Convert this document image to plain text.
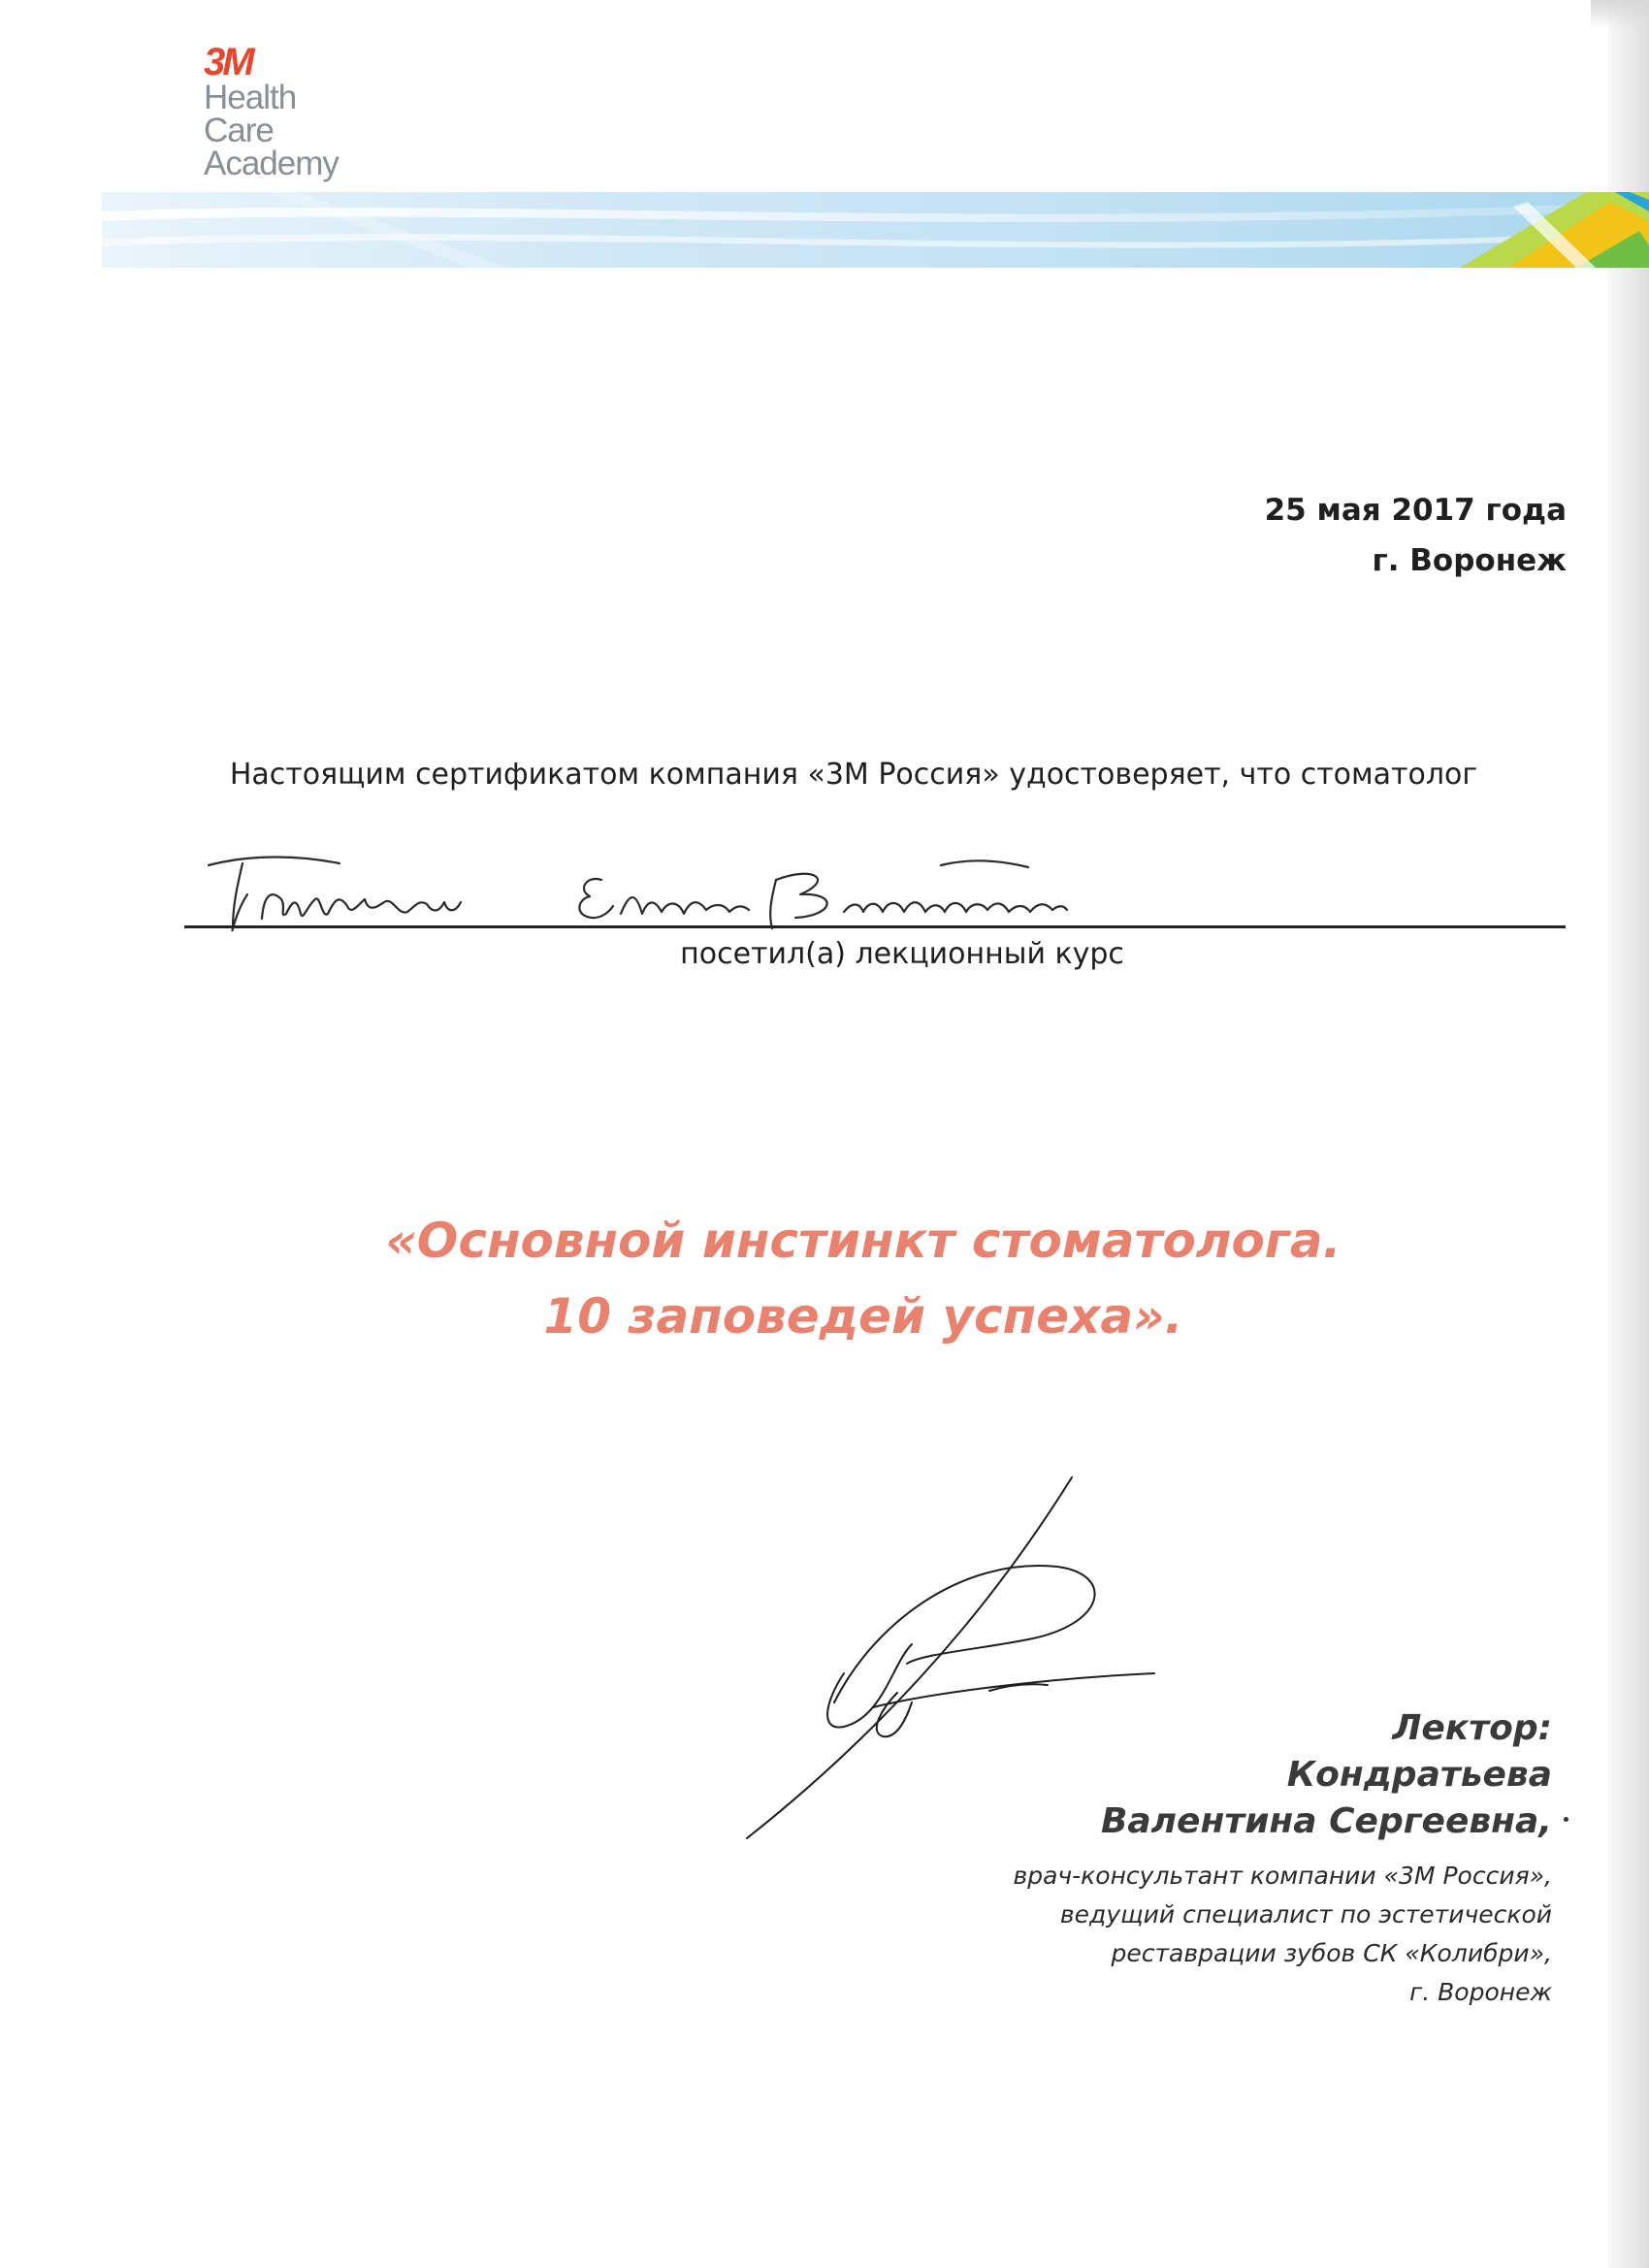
3M
Health
Care
Academy
25 мая 2017 года
г. Воронеж
Настоящим сертификатом компания «3М Россия» удостоверяет, что стоматолог
посетил(а) лекционный курс
«Основной инстинкт стоматолога.
10 заповедей успеха».
Лектор:
Кондратьева
Валентина Сергеевна,
врач-консультант компании «3М Россия»,
ведущий специалист по эстетической
реставрации зубов СК «Колибри»,
г. Воронеж
